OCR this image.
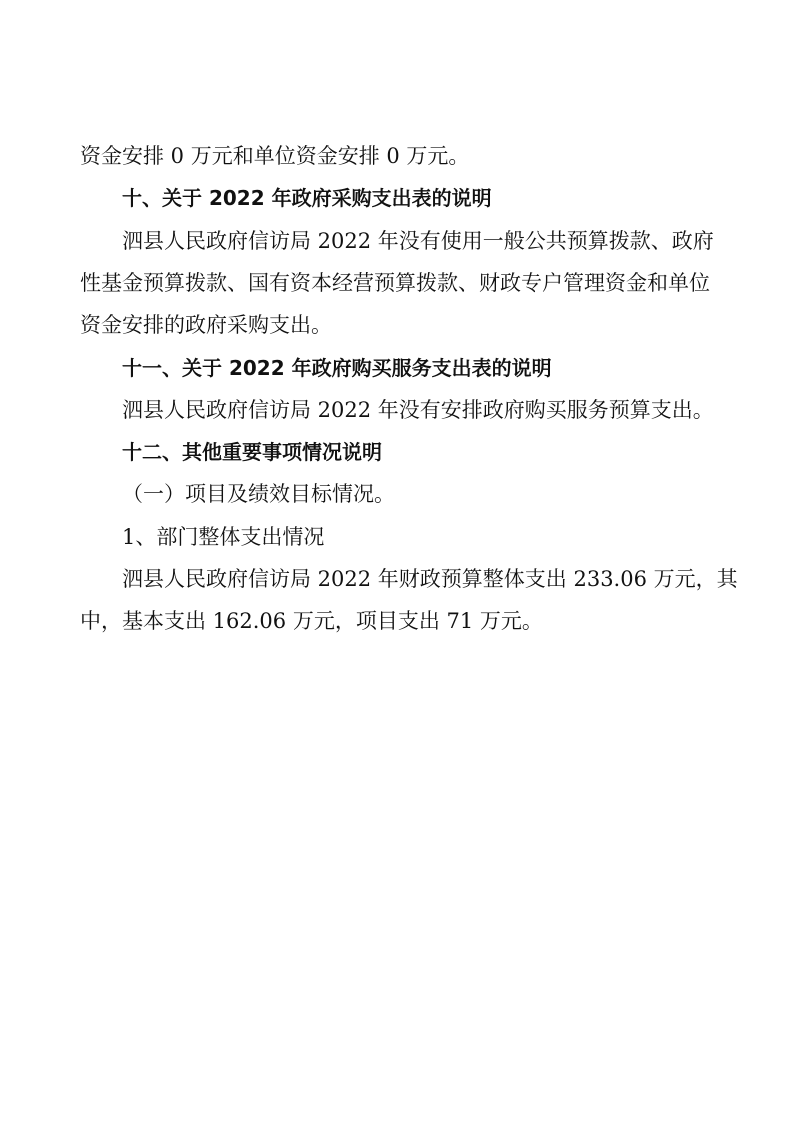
资金安排 0 万元和单位资金安排 0 万元。
十、关于 2022 年政府采购支出表的说明
泗县人民政府信访局 2022 年没有使用一般公共预算拨款、政府
性基金预算拨款、国有资本经营预算拨款、财政专户管理资金和单位
资金安排的政府采购支出。
十一、关于 2022 年政府购买服务支出表的说明
泗县人民政府信访局 2022 年没有安排政府购买服务预算支出。
十二、其他重要事项情况说明
（一）项目及绩效目标情况。
1、部门整体支出情况
泗县人民政府信访局 2022 年财政预算整体支出 233.06 万元，其
中，基本支出 162.06 万元，项目支出 71 万元。
